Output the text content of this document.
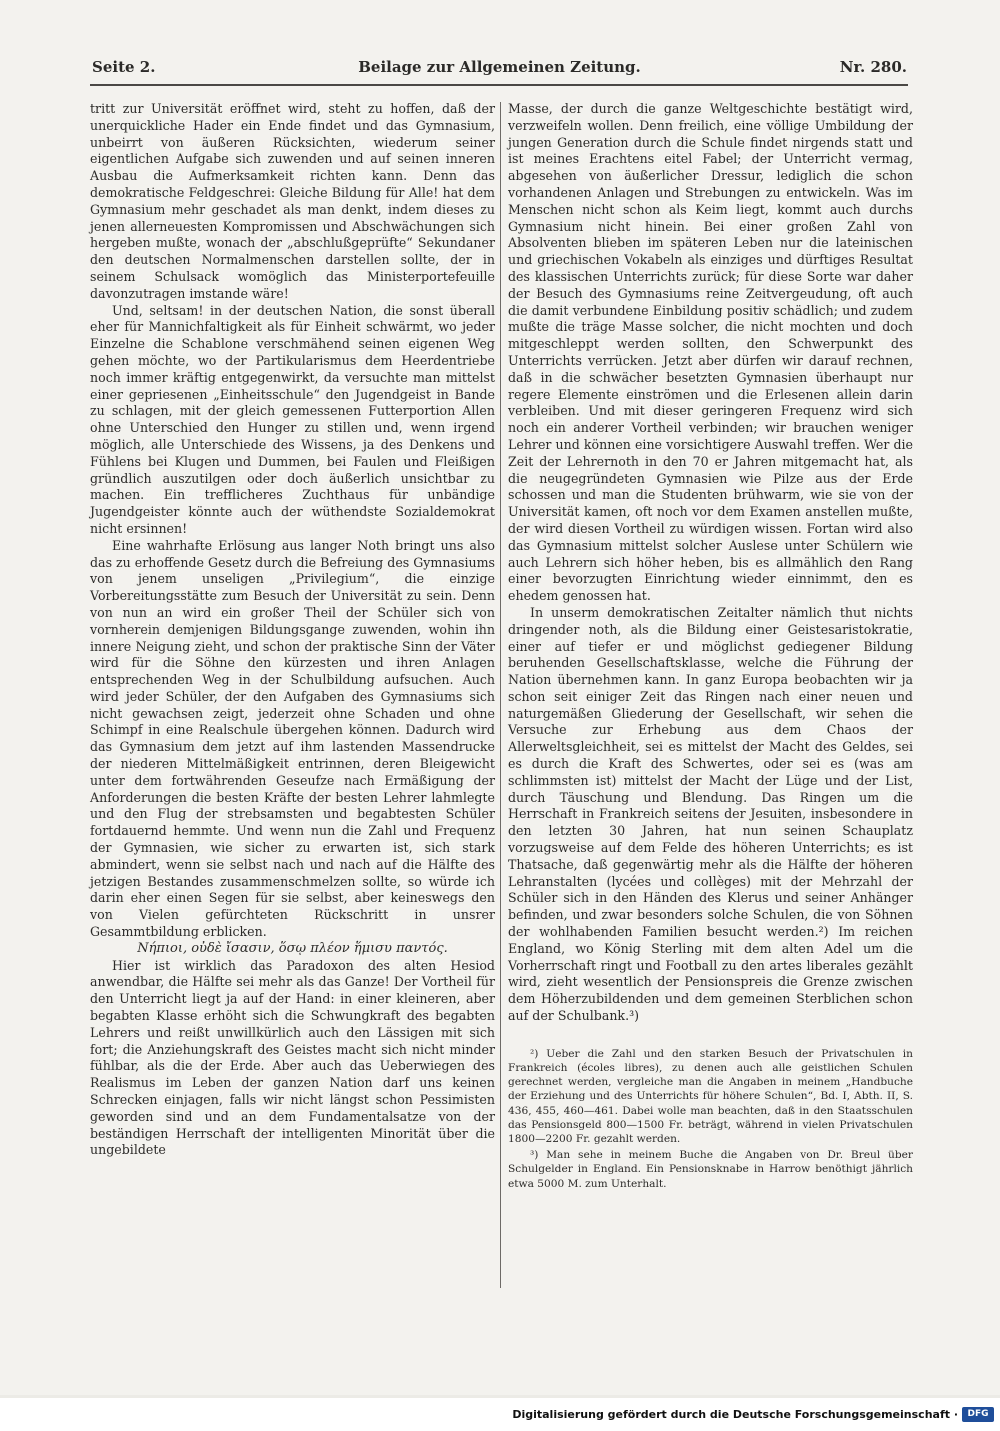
Seite 2.	Beilage zur Allgemeinen Zeitung.	Nr. 280.

tritt zur Universität eröffnet wird, steht zu hoffen, daß der unerquickliche Hader ein Ende findet und das Gymnasium, unbeirrt von äußeren Rücksichten, wiederum seiner eigentlichen Aufgabe sich zuwenden und auf seinen inneren Ausbau die Aufmerksamkeit richten kann. Denn das demokratische Feldgeschrei: Gleiche Bildung für Alle! hat dem Gymnasium mehr geschadet als man denkt, indem dieses zu jenen allerneuesten Kompromissen und Abschwächungen sich hergeben mußte, wonach der „abschlußgeprüfte“ Sekundaner den deutschen Normalmenschen darstellen sollte, der in seinem Schulsack womöglich das Ministerportefeuille davonzutragen imstande wäre!

Und, seltsam! in der deutschen Nation, die sonst überall eher für Mannichfaltigkeit als für Einheit schwärmt, wo jeder Einzelne die Schablone verschmähend seinen eigenen Weg gehen möchte, wo der Partikularismus dem Heerdentriebe noch immer kräftig entgegenwirkt, da versuchte man mittelst einer gepriesenen „Einheitsschule“ den Jugendgeist in Bande zu schlagen, mit der gleich gemessenen Futterportion Allen ohne Unterschied den Hunger zu stillen und, wenn irgend möglich, alle Unterschiede des Wissens, ja des Denkens und Fühlens bei Klugen und Dummen, bei Faulen und Fleißigen gründlich auszutilgen oder doch äußerlich unsichtbar zu machen. Ein trefflicheres Zuchthaus für unbändige Jugendgeister könnte auch der wüthendste Sozialdemokrat nicht ersinnen!

Eine wahrhafte Erlösung aus langer Noth bringt uns also das zu erhoffende Gesetz durch die Befreiung des Gymnasiums von jenem unseligen „Privilegium“, die einzige Vorbereitungsstätte zum Besuch der Universität zu sein. Denn von nun an wird ein großer Theil der Schüler sich von vornherein demjenigen Bildungsgange zuwenden, wohin ihn innere Neigung zieht, und schon der praktische Sinn der Väter wird für die Söhne den kürzesten und ihren Anlagen entsprechenden Weg in der Schulbildung aufsuchen. Auch wird jeder Schüler, der den Aufgaben des Gymnasiums sich nicht gewachsen zeigt, jederzeit ohne Schaden und ohne Schimpf in eine Realschule übergehen können. Dadurch wird das Gymnasium dem jetzt auf ihm lastenden Massendrucke der niederen Mittelmäßigkeit entrinnen, deren Bleigewicht unter dem fortwährenden Geseufze nach Ermäßigung der Anforderungen die besten Kräfte der besten Lehrer lahmlegte und den Flug der strebsamsten und begabtesten Schüler fortdauernd hemmte. Und wenn nun die Zahl und Frequenz der Gymnasien, wie sicher zu erwarten ist, sich stark abmindert, wenn sie selbst nach und nach auf die Hälfte des jetzigen Bestandes zusammenschmelzen sollte, so würde ich darin eher einen Segen für sie selbst, aber keineswegs den von Vielen gefürchteten Rückschritt in unsrer Gesammtbildung erblicken.

Νήπιοι, οὐδὲ ἴσασιν, ὅσῳ πλέον ἥμισυ παντός.

Hier ist wirklich das Paradoxon des alten Hesiod anwendbar, die Hälfte sei mehr als das Ganze! Der Vortheil für den Unterricht liegt ja auf der Hand: in einer kleineren, aber begabten Klasse erhöht sich die Schwungkraft des begabten Lehrers und reißt unwillkürlich auch den Lässigen mit sich fort; die Anziehungskraft des Geistes macht sich nicht minder fühlbar, als die der Erde. Aber auch das Ueberwiegen des Realismus im Leben der ganzen Nation darf uns keinen Schrecken einjagen, falls wir nicht längst schon Pessimisten geworden sind und an dem Fundamentalsatze von der beständigen Herrschaft der intelligenten Minorität über die ungebildete

Masse, der durch die ganze Weltgeschichte bestätigt wird, verzweifeln wollen. Denn freilich, eine völlige Umbildung der jungen Generation durch die Schule findet nirgends statt und ist meines Erachtens eitel Fabel; der Unterricht vermag, abgesehen von äußerlicher Dressur, lediglich die schon vorhandenen Anlagen und Strebungen zu entwickeln. Was im Menschen nicht schon als Keim liegt, kommt auch durchs Gymnasium nicht hinein. Bei einer großen Zahl von Absolventen blieben im späteren Leben nur die lateinischen und griechischen Vokabeln als einziges und dürftiges Resultat des klassischen Unterrichts zurück; für diese Sorte war daher der Besuch des Gymnasiums reine Zeitvergeudung, oft auch die damit verbundene Einbildung positiv schädlich; und zudem mußte die träge Masse solcher, die nicht mochten und doch mitgeschleppt werden sollten, den Schwerpunkt des Unterrichts verrücken. Jetzt aber dürfen wir darauf rechnen, daß in die schwächer besetzten Gymnasien überhaupt nur regere Elemente einströmen und die Erlesenen allein darin verbleiben. Und mit dieser geringeren Frequenz wird sich noch ein anderer Vortheil verbinden; wir brauchen weniger Lehrer und können eine vorsichtigere Auswahl treffen. Wer die Zeit der Lehrernoth in den 70 er Jahren mitgemacht hat, als die neugegründeten Gymnasien wie Pilze aus der Erde schossen und man die Studenten brühwarm, wie sie von der Universität kamen, oft noch vor dem Examen anstellen mußte, der wird diesen Vortheil zu würdigen wissen. Fortan wird also das Gymnasium mittelst solcher Auslese unter Schülern wie auch Lehrern sich höher heben, bis es allmählich den Rang einer bevorzugten Einrichtung wieder einnimmt, den es ehedem genossen hat.

In unserm demokratischen Zeitalter nämlich thut nichts dringender noth, als die Bildung einer Geistesaristokratie, einer auf tiefer er und möglichst gediegener Bildung beruhenden Gesellschaftsklasse, welche die Führung der Nation übernehmen kann. In ganz Europa beobachten wir ja schon seit einiger Zeit das Ringen nach einer neuen und naturgemäßen Gliederung der Gesellschaft, wir sehen die Versuche zur Erhebung aus dem Chaos der Allerweltsgleichheit, sei es mittelst der Macht des Geldes, sei es durch die Kraft des Schwertes, oder sei es (was am schlimmsten ist) mittelst der Macht der Lüge und der List, durch Täuschung und Blendung. Das Ringen um die Herrschaft in Frankreich seitens der Jesuiten, insbesondere in den letzten 30 Jahren, hat nun seinen Schauplatz vorzugsweise auf dem Felde des höheren Unterrichts; es ist Thatsache, daß gegenwärtig mehr als die Hälfte der höheren Lehranstalten (lycées und collèges) mit der Mehrzahl der Schüler sich in den Händen des Klerus und seiner Anhänger befinden, und zwar besonders solche Schulen, die von Söhnen der wohlhabenden Familien besucht werden.²) Im reichen England, wo König Sterling mit dem alten Adel um die Vorherrschaft ringt und Football zu den artes liberales gezählt wird, zieht wesentlich der Pensionspreis die Grenze zwischen dem Höherzubildenden und dem gemeinen Sterblichen schon auf der Schulbank.³)

²) Ueber die Zahl und den starken Besuch der Privatschulen in Frankreich (écoles libres), zu denen auch alle geistlichen Schulen gerechnet werden, vergleiche man die Angaben in meinem „Handbuche der Erziehung und des Unterrichts für höhere Schulen“, Bd. I, Abth. II, S. 436, 455, 460—461. Dabei wolle man beachten, daß in den Staatsschulen das Pensionsgeld 800—1500 Fr. beträgt, während in vielen Privatschulen 1800—2200 Fr. gezahlt werden.

³) Man sehe in meinem Buche die Angaben von Dr. Breul über Schulgelder in England. Ein Pensionsknabe in Harrow benöthigt jährlich etwa 5000 M. zum Unterhalt.

Digitalisierung gefördert durch die Deutsche Forschungsgemeinschaft ·	DFG
